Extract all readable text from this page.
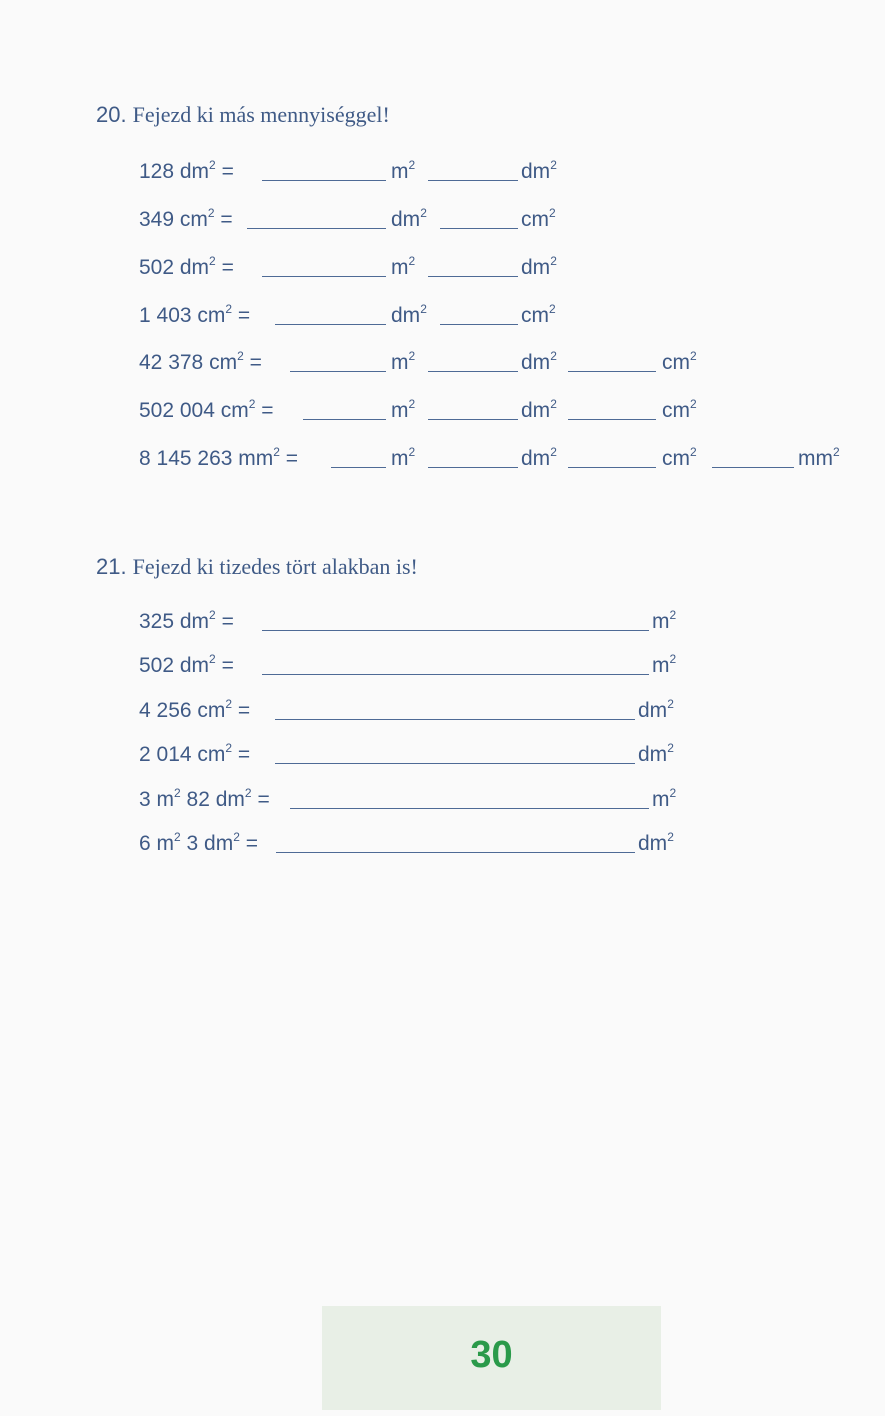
20. Fejezd ki más mennyiséggel!
128 $dm^2$ =	$m^2$	$dm^2$
349 $cm^2$ =	$dm^2$	$cm^2$
502 $dm^2$ =	$m^2$	$dm^2$
1 403 $cm^2$ =	$dm^2$	$cm^2$
42 378 $cm^2$ =	$m^2$	$dm^2$	$cm^2$
502 004 $cm^2$ =	$m^2$	$dm^2$	$cm^2$
8 145 263 $mm^2$ =	$m^2$	$dm^2$	$cm^2$	$mm^2$
21. Fejezd ki tizedes tört alakban is!
325 $dm^2$ =	$m^2$
502 $dm^2$ =	$m^2$
4 256 $cm^2$ =	$dm^2$
2 014 $cm^2$ =	$dm^2$
3 $m^2$ 82 $dm^2$ =	$m^2$
6 $m^2$ 3 $dm^2$ =	$dm^2$
30
